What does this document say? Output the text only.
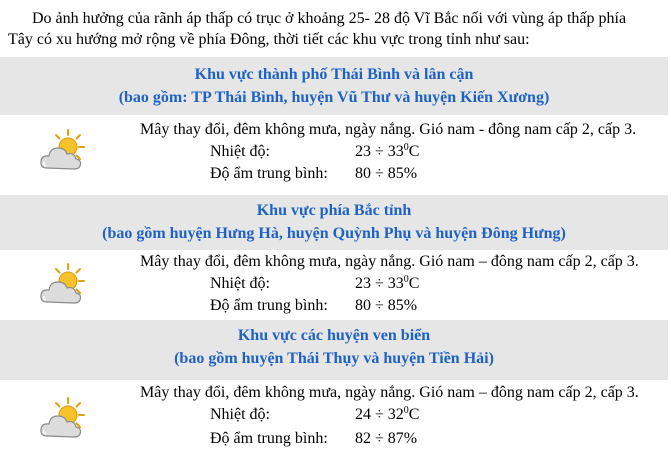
Do ảnh hưởng của rãnh áp thấp có trục ở khoảng 25- 28 độ Vĩ Bắc nối với vùng áp thấp phía
Tây có xu hướng mở rộng về phía Đông, thời tiết các khu vực trong tỉnh như sau:
Khu vực thành phố Thái Bình và lân cận
(bao gồm: TP Thái Bình, huyện Vũ Thư và huyện Kiến Xương)
Mây thay đổi, đêm không mưa, ngày nắng. Gió nam - đông nam cấp 2, cấp 3.
Nhiệt độ:	$23 \div 33^0C$
Độ ẩm trung bình: 80 ÷ 85%
Khu vực phía Bắc tỉnh
(bao gồm huyện Hưng Hà, huyện Quỳnh Phụ và huyện Đông Hưng)
Mây thay đổi, đêm không mưa, ngày nắng. Gió nam – đông nam cấp 2, cấp 3.
Nhiệt độ:	$23 \div 33^0C$
Độ ẩm trung bình: 80 ÷ 85%
Khu vực các huyện ven biển
(bao gồm huyện Thái Thụy và huyện Tiền Hải)
Mây thay đổi, đêm không mưa, ngày nắng. Gió nam – đông nam cấp 2, cấp 3.
Nhiệt độ:	$24 \div 32^0C$
Độ ẩm trung bình: 82 ÷ 87%
